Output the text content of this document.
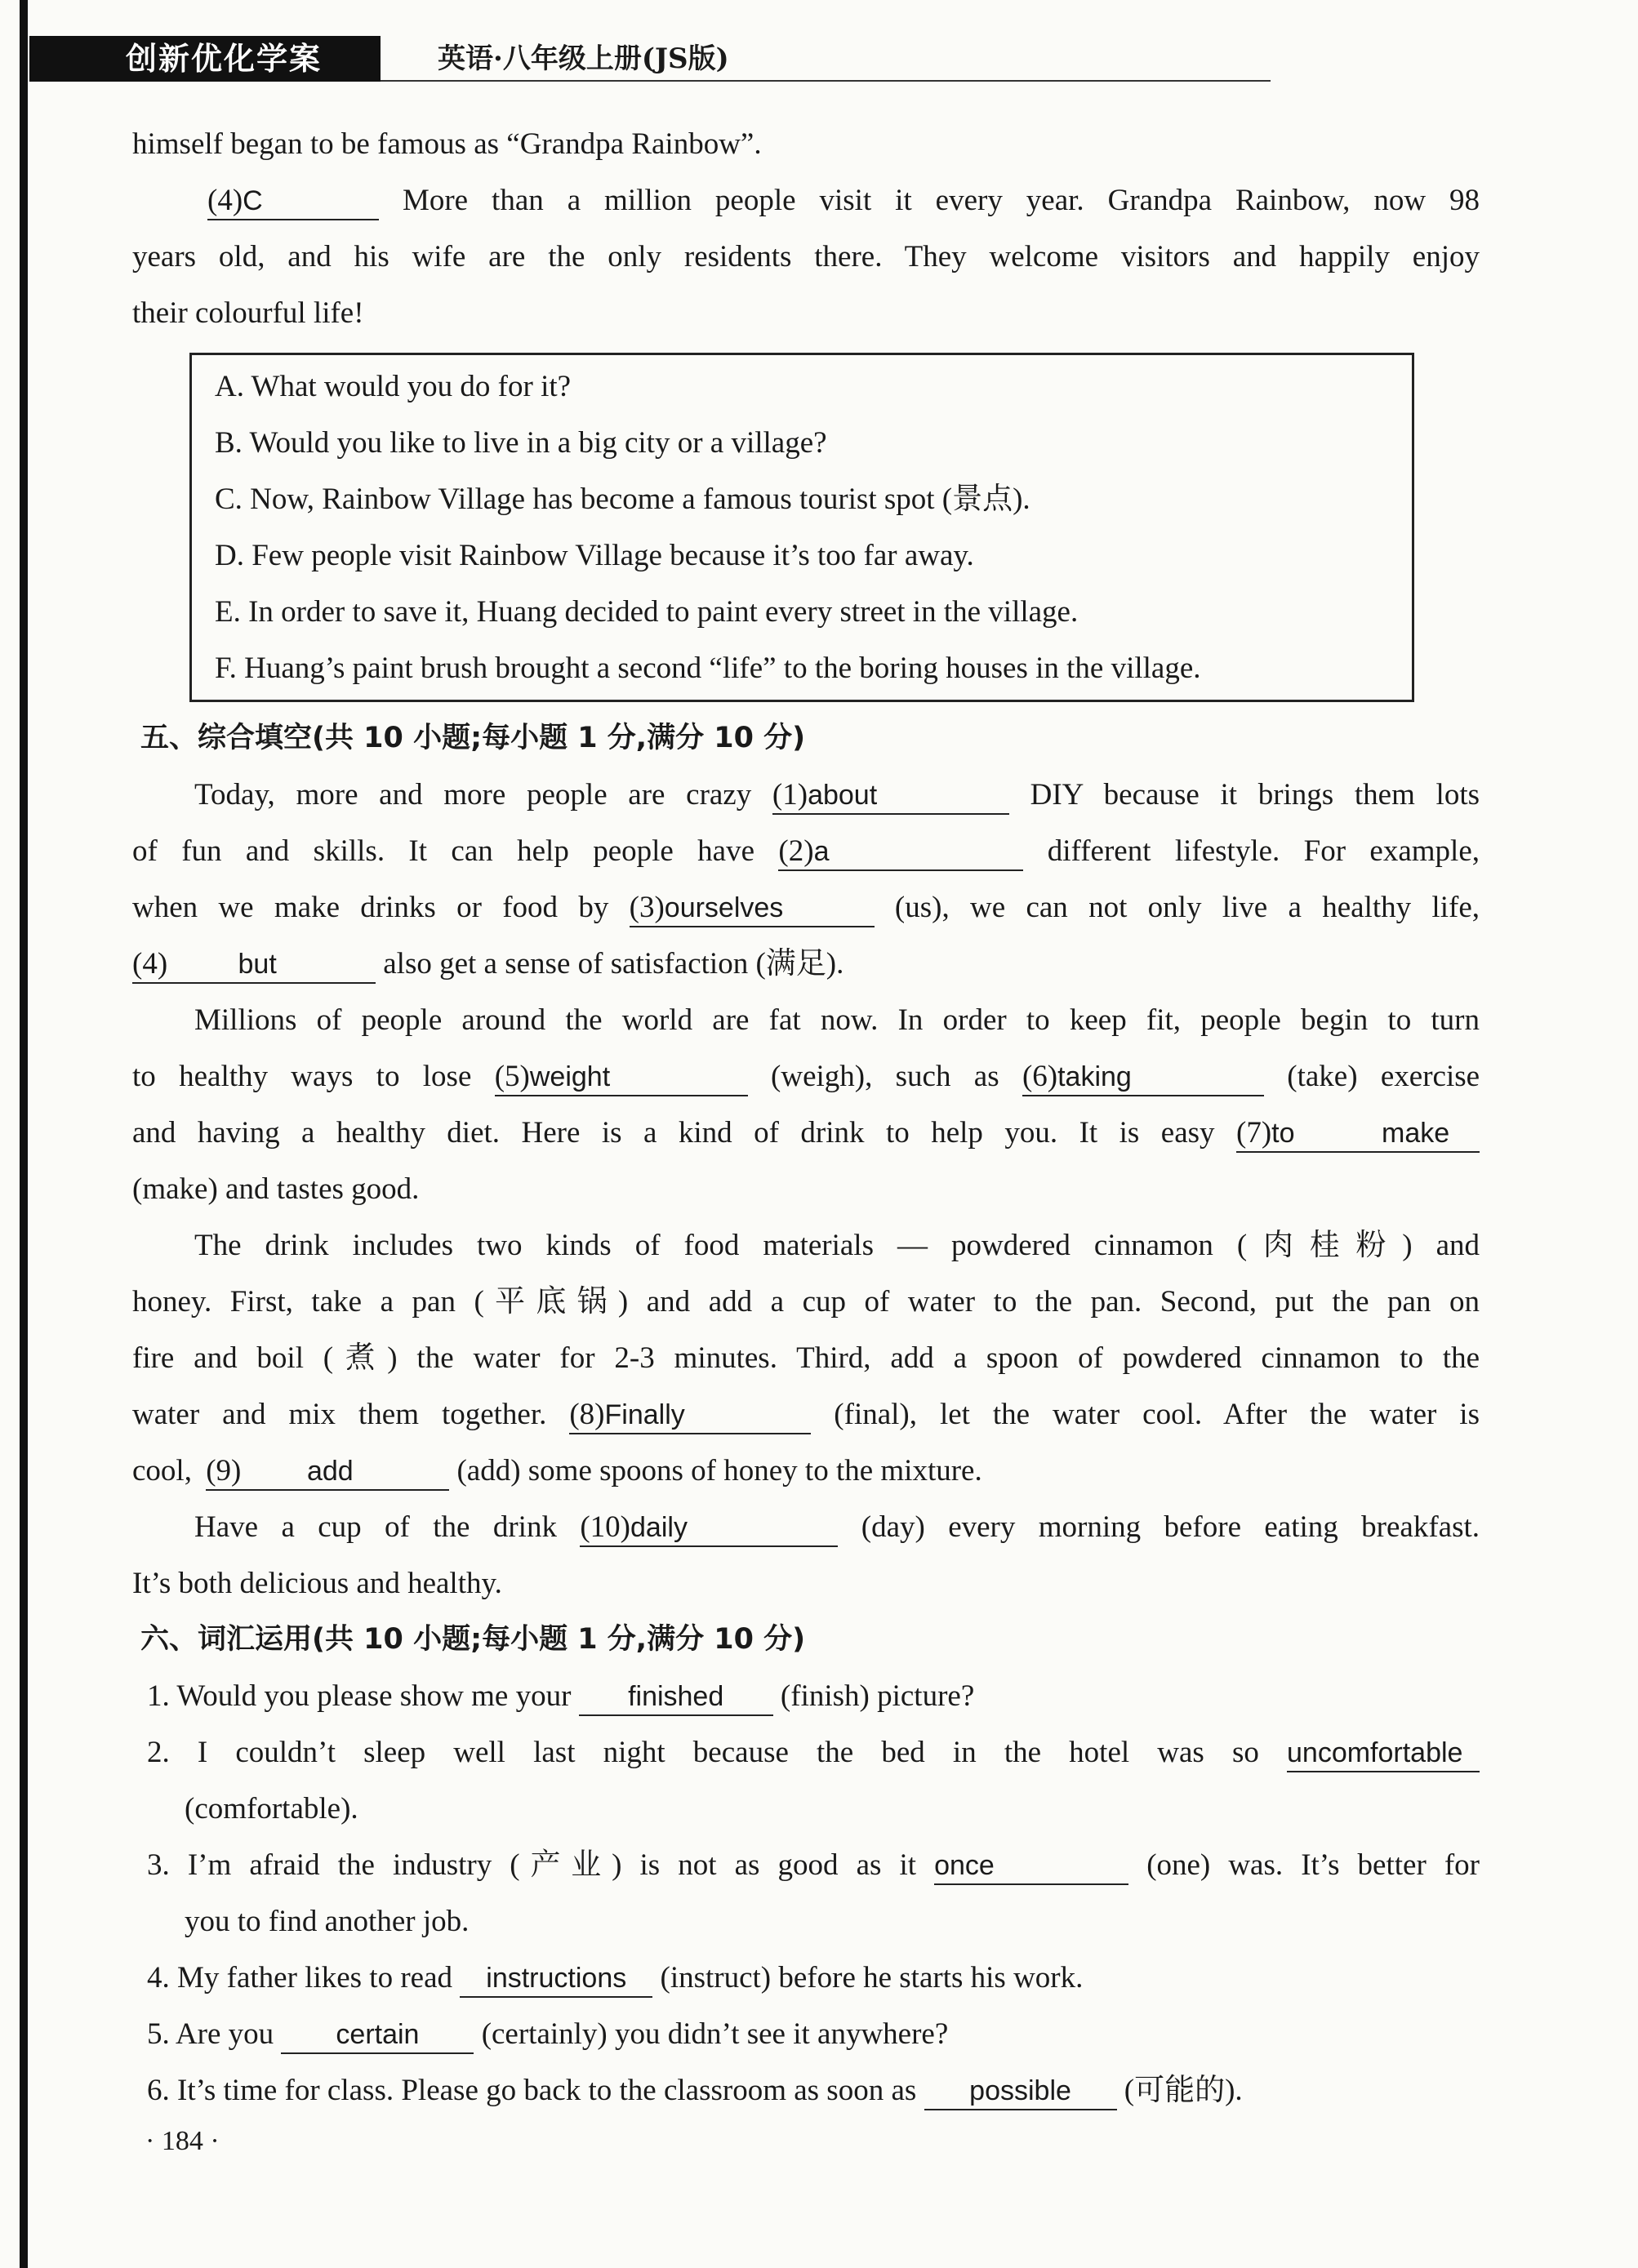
创新优化学案	英语·八年级上册(JS版)
himself began to be famous as “Grandpa Rainbow”.
(4)C	More than a million people visit it every year. Grandpa Rainbow, now 98
years old, and his wife are the only residents there. They welcome visitors and happily enjoy
their colourful life!
A. What would you do for it?
B. Would you like to live in a big city or a village?
C. Now, Rainbow Village has become a famous tourist spot (景点).
D. Few people visit Rainbow Village because it’s too far away.
E. In order to save it, Huang decided to paint every street in the village.
F. Huang’s paint brush brought a second “life” to the boring houses in the village.
五、综合填空(共 10 小题;每小题 1 分,满分 10 分)
Today, more and more people are crazy (1)about	DIY because it brings them lots
of fun and skills. It can help people have (2)a	different lifestyle. For example,
when we make drinks or food by (3)ourselves	(us), we can not only live a healthy life,
(4)	but	also get a sense of satisfaction (满足).
Millions of people around the world are fat now. In order to keep fit, people begin to turn
to healthy ways to lose (5)weight	(weigh), such as (6)taking	(take) exercise
and having a healthy diet. Here is a kind of drink to help you. It is easy (7)to make
(make) and tastes good.
The drink includes two kinds of food materials — powdered cinnamon (肉桂粉) and
honey. First, take a pan (平底锅) and add a cup of water to the pan. Second, put the pan on
fire and boil (煮) the water for 2-3 minutes. Third, add a spoon of powdered cinnamon to the
water and mix them together. (8)Finally	(final), let the water cool. After the water is
cool, (9) add	(add) some spoons of honey to the mixture.
Have a cup of the drink (10)daily	(day) every morning before eating breakfast.
It’s both delicious and healthy.
六、词汇运用(共 10 小题;每小题 1 分,满分 10 分)
1. Would you please show me your finished (finish) picture?
2. I couldn’t sleep well last night because the bed in the hotel was so uncomfortable
(comfortable).
3. I’m afraid the industry (产业) is not as good as it once	(one) was. It’s better for
you to find another job.
4. My father likes to read instructions (instruct) before he starts his work.
5. Are you certain (certainly) you didn’t see it anywhere?
6. It’s time for class. Please go back to the classroom as soon as possible (可能的).
· 184 ·
